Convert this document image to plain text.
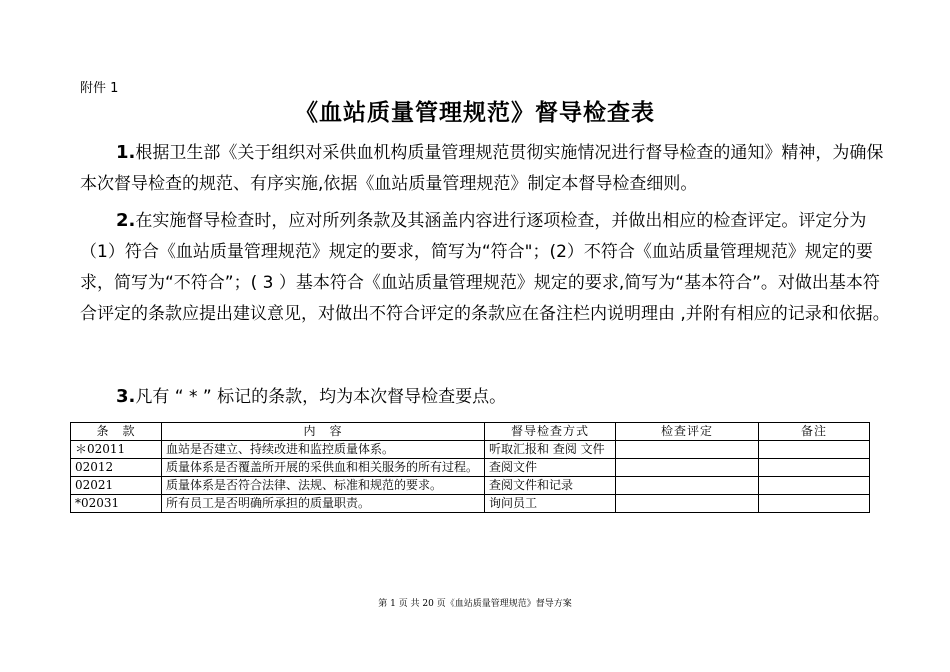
附件 1
《血站质量管理规范》督导检查表
1.根据卫生部《关于组织对采供血机构质量管理规范贯彻实施情况进行督导检查的通知》精神，为确保本次督导检查的规范、有序实施,依据《血站质量管理规范》制定本督导检查细则。
2.在实施督导检查时，应对所列条款及其涵盖内容进行逐项检查，并做出相应的检查评定。评定分为（1）符合《血站质量管理规范》规定的要求，简写为“符合"；(2）不符合《血站质量管理规范》规定的要求，简写为“不符合”；( 3 ）基本符合《血站质量管理规范》规定的要求,简写为“基本符合”。对做出基本符合评定的条款应提出建议意见，对做出不符合评定的条款应在备注栏内说明理由 ,并附有相应的记录和依据。
3.凡有 “ * ” 标记的条款，均为本次督导检查要点。
条　款	内　容	督导检查方式	检查评定	备注
＊02011	血站是否建立、持续改进和监控质量体系。	听取汇报和 查阅 文件		
02012	质量体系是否覆盖所开展的采供血和相关服务的所有过程。	查阅文件		
02021	质量体系是否符合法律、法规、标准和规范的要求。	查阅文件和记录		
*02031	所有员工是否明确所承担的质量职责。	询问员工		
第 1 页 共 20 页《血站质量管理规范》督导方案
